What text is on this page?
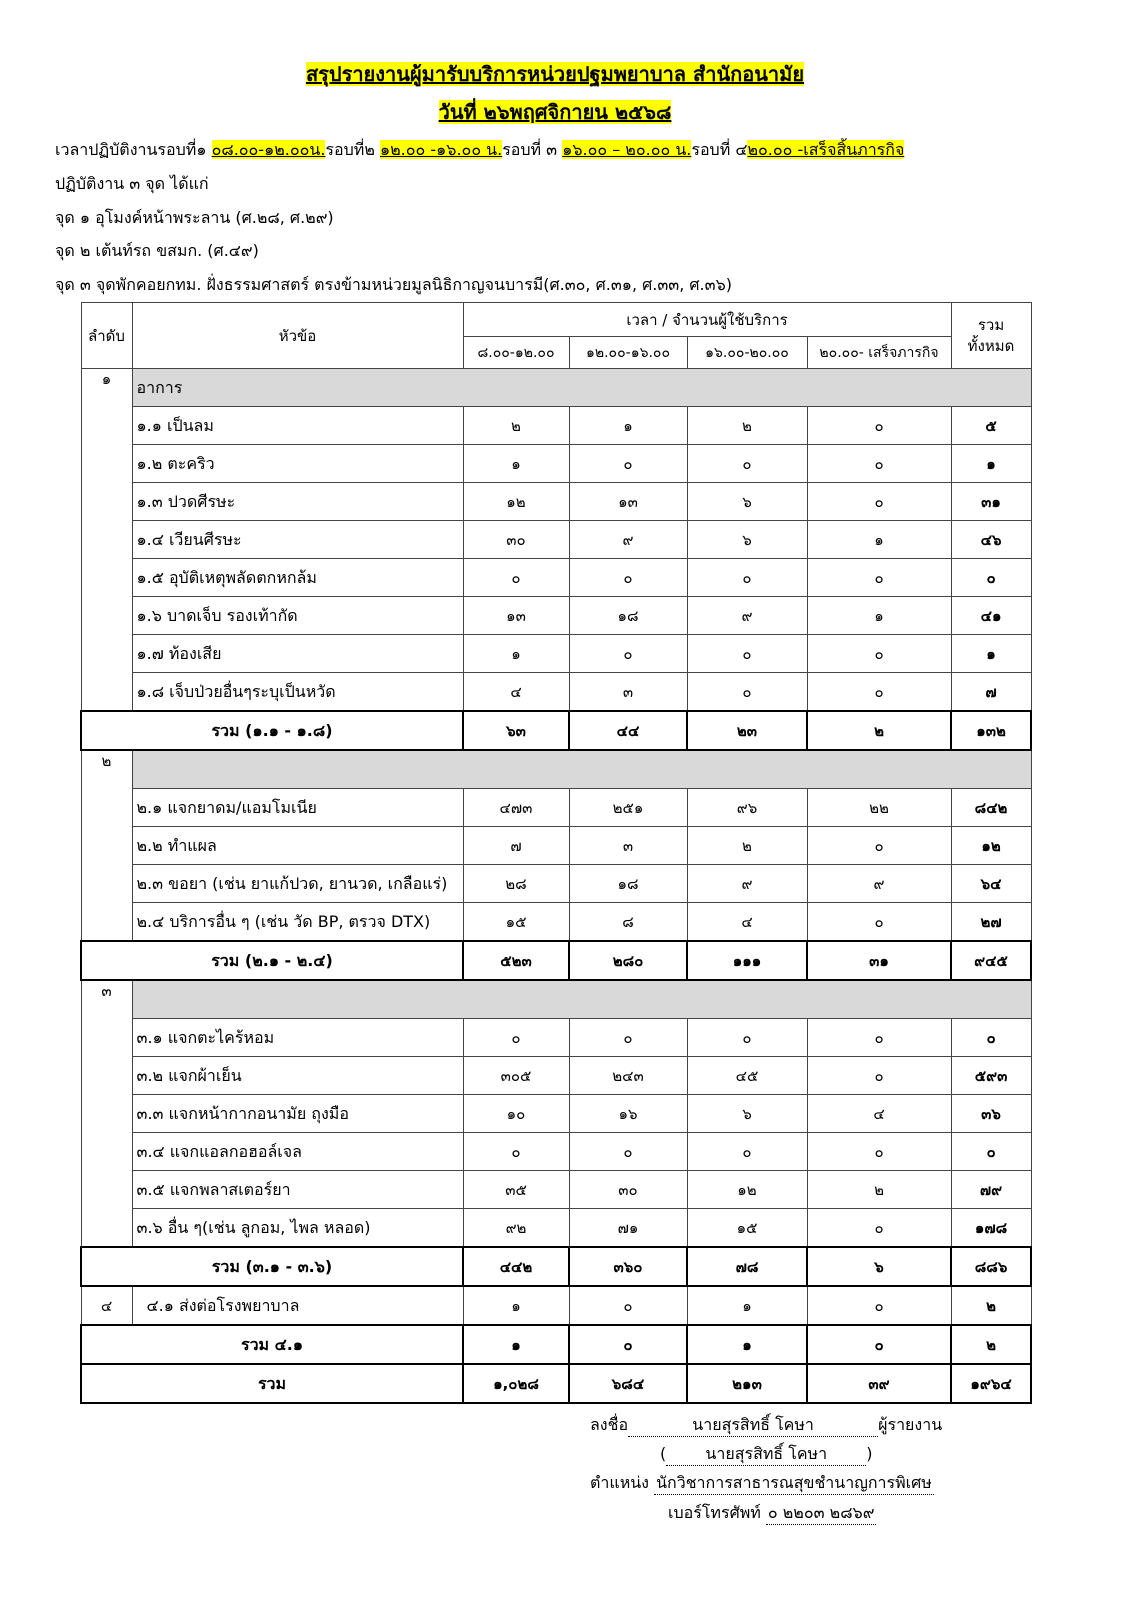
สรุปรายงานผู้มารับบริการหน่วยปฐมพยาบาล สำนักอนามัย
วันที่ ๒๖พฤศจิกายน ๒๕๖๘
เวลาปฏิบัติงานรอบที่๑ ๐๘.๐๐-๑๒.๐๐น.รอบที่๒ ๑๒.๐๐ -๑๖.๐๐ น.รอบที่ ๓ ๑๖.๐๐ – ๒๐.๐๐ น.รอบที่ ๔๒๐.๐๐ -เสร็จสิ้นภารกิจ
ปฏิบัติงาน ๓ จุด ได้แก่
จุด ๑ อุโมงค์หน้าพระลาน (ศ.๒๘, ศ.๒๙)
จุด ๒ เต้นท์รถ ขสมก. (ศ.๔๙)
จุด ๓ จุดพักคอยกทม. ฝั่งธรรมศาสตร์ ตรงข้ามหน่วยมูลนิธิกาญจนบารมี(ศ.๓๐, ศ.๓๑, ศ.๓๓, ศ.๓๖)
ลำดับ	หัวข้อ	เวลา / จำนวนผู้ใช้บริการ				รวม
ทั้งหมด

		๘.๐๐-๑๒.๐๐	๑๒.๐๐-๑๖.๐๐	๑๖.๐๐-๒๐.๐๐	๒๐.๐๐- เสร็จภารกิจ	
๑	อาการ					
	๑.๑ เป็นลม	๒	๑	๒	๐	๕
	๑.๒ ตะคริว	๑	๐	๐	๐	๑
	๑.๓ ปวดศีรษะ	๑๒	๑๓	๖	๐	๓๑
	๑.๔ เวียนศีรษะ	๓๐	๙	๖	๑	๔๖
	๑.๕ อุบัติเหตุพลัดตกหกล้ม	๐	๐	๐	๐	๐
	๑.๖ บาดเจ็บ รองเท้ากัด	๑๓	๑๘	๙	๑	๔๑
	๑.๗ ท้องเสีย	๑	๐	๐	๐	๑
	๑.๘ เจ็บป่วยอื่นๆระบุเป็นหวัด	๔	๓	๐	๐	๗
รวม (๑.๑ - ๑.๘)		๖๓	๔๔	๒๓	๒	๑๓๒
๒						
	๒.๑ แจกยาดม/แอมโมเนีย	๔๗๓	๒๕๑	๙๖	๒๒	๘๔๒
	๒.๒ ทำแผล	๗	๓	๒	๐	๑๒
	๒.๓ ขอยา (เช่น ยาแก้ปวด, ยานวด, เกลือแร่)	๒๘	๑๘	๙	๙	๖๔
	๒.๔ บริการอื่น ๆ (เช่น วัด BP, ตรวจ DTX)	๑๕	๘	๔	๐	๒๗
รวม (๒.๑ - ๒.๔)		๕๒๓	๒๘๐	๑๑๑	๓๑	๙๔๕
๓						
	๓.๑ แจกตะไคร้หอม	๐	๐	๐	๐	๐
	๓.๒ แจกผ้าเย็น	๓๐๕	๒๔๓	๔๕	๐	๕๙๓
	๓.๓ แจกหน้ากากอนามัย ถุงมือ	๑๐	๑๖	๖	๔	๓๖
	๓.๔ แจกแอลกอฮอล์เจล	๐	๐	๐	๐	๐
	๓.๕ แจกพลาสเตอร์ยา	๓๕	๓๐	๑๒	๒	๗๙
	๓.๖ อื่น ๆ(เช่น ลูกอม, ไพล หลอด)	๙๒	๗๑	๑๕	๐	๑๗๘
รวม (๓.๑ - ๓.๖)		๔๔๒	๓๖๐	๗๘	๖	๘๘๖
๔	๔.๑ ส่งต่อโรงพยาบาล	๑	๐	๑	๐	๒
รวม ๔.๑		๑	๐	๑	๐	๒
รวม		๑,๐๒๘	๖๘๔	๒๑๓	๓๙	๑๙๖๔
ลงชื่อ	นายสุรสิทธิ์ โคษา	ผู้รายงาน
( นายสุรสิทธิ์ โคษา )
ตำแหน่ง นักวิชาการสาธารณสุขชำนาญการพิเศษ
เบอร์โทรศัพท์ ๐ ๒๒๐๓ ๒๘๖๙
